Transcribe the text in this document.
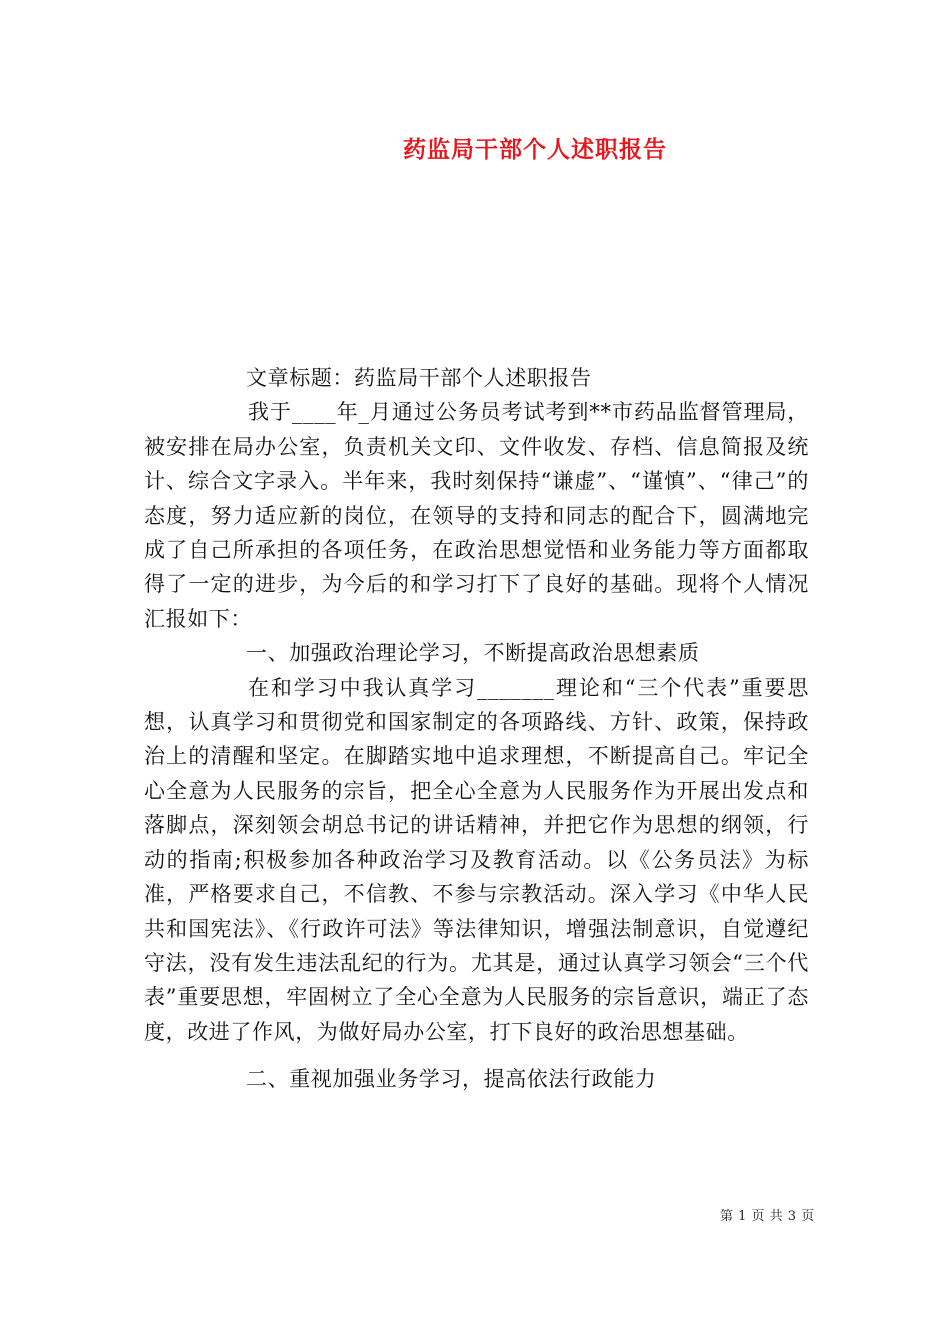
药监局干部个人述职报告

文章标题：药监局干部个人述职报告

我于____年_月通过公务员考试考到**市药品监督管理局，被安排在局办公室，负责机关文印、文件收发、存档、信息简报及统计、综合文字录入。半年来，我时刻保持“谦虚”、“谨慎”、“律己”的态度，努力适应新的岗位，在领导的支持和同志的配合下，圆满地完成了自己所承担的各项任务，在政治思想觉悟和业务能力等方面都取得了一定的进步，为今后的和学习打下了良好的基础。现将个人情况汇报如下：

一、加强政治理论学习，不断提高政治思想素质

在和学习中我认真学习_______理论和“三个代表”重要思想，认真学习和贯彻党和国家制定的各项路线、方针、政策，保持政治上的清醒和坚定。在脚踏实地中追求理想，不断提高自己。牢记全心全意为人民服务的宗旨，把全心全意为人民服务作为开展出发点和落脚点，深刻领会胡总书记的讲话精神，并把它作为思想的纲领，行动的指南;积极参加各种政治学习及教育活动。以《公务员法》为标准，严格要求自己，不信教、不参与宗教活动。深入学习《中华人民共和国宪法》、《行政许可法》等法律知识，增强法制意识，自觉遵纪守法，没有发生违法乱纪的行为。尤其是，通过认真学习领会“三个代表”重要思想，牢固树立了全心全意为人民服务的宗旨意识，端正了态度，改进了作风，为做好局办公室，打下良好的政治思想基础。

二、重视加强业务学习，提高依法行政能力

第 1 页 共 3 页
